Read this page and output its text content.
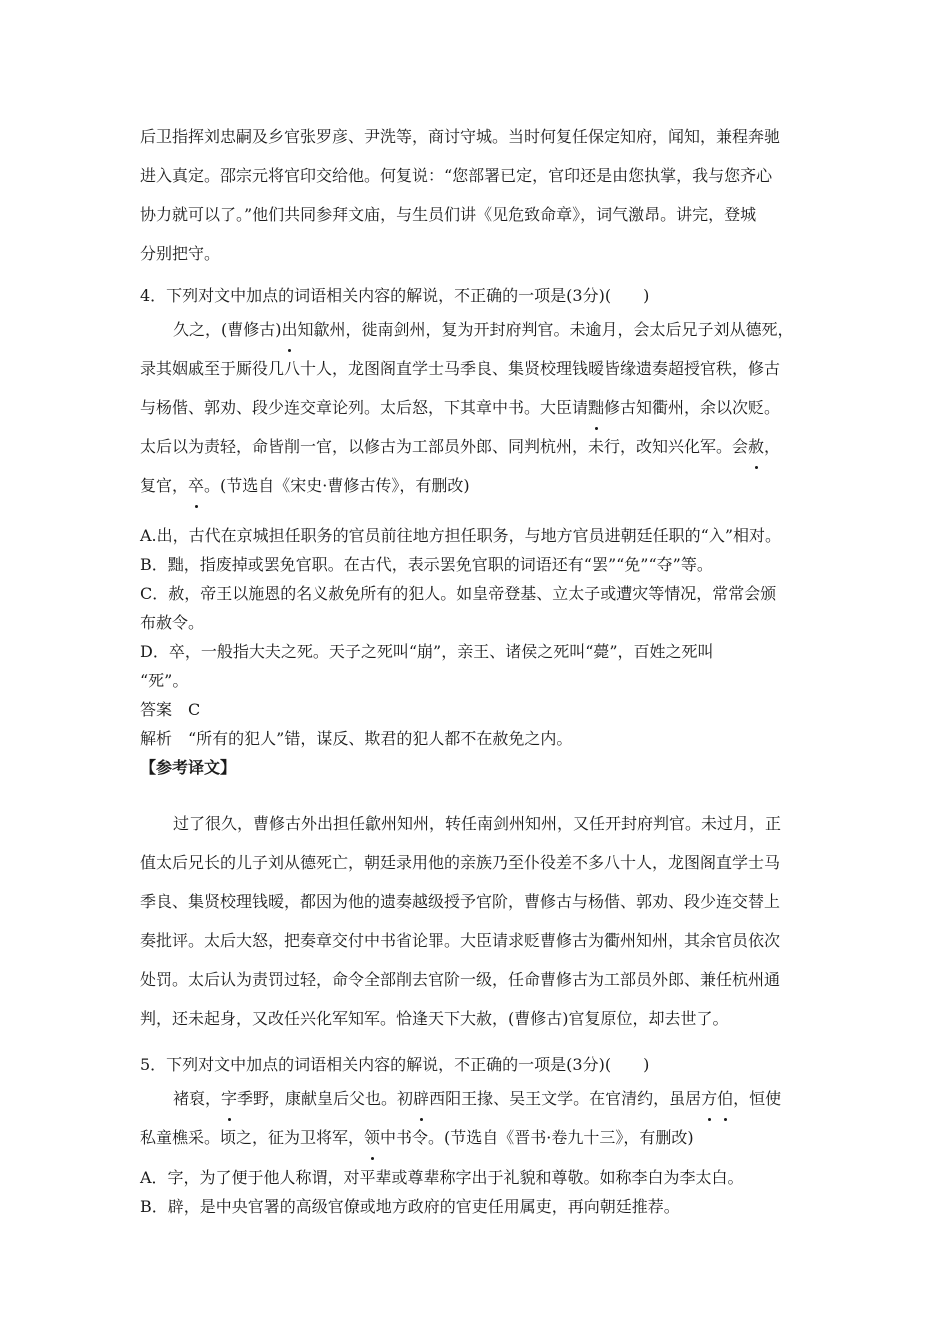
后卫指挥刘忠嗣及乡官张罗彦、尹洗等，商讨守城。当时何复任保定知府，闻知，兼程奔驰

进入真定。邵宗元将官印交给他。何复说：“您部署已定，官印还是由您执掌，我与您齐心

协力就可以了。”他们共同参拜文庙，与生员们讲《见危致命章》，词气激昂。讲完，登城

分别把守。

4．下列对文中加点的词语相关内容的解说，不正确的一项是(3分)(　　)

久之，(曹修古)出知歙州，徙南剑州，复为开封府判官。未逾月，会太后兄子刘从德死，

录其姻戚至于厮役几八十人，龙图阁直学士马季良、集贤校理钱暧皆缘遗奏超授官秩，修古

与杨偕、郭劝、段少连交章论列。太后怒，下其章中书。大臣请黜修古知衢州，余以次贬。

太后以为责轻，命皆削一官，以修古为工部员外郎、同判杭州，未行，改知兴化军。会赦，

复官，卒。(节选自《宋史·曹修古传》，有删改)

A.出，古代在京城担任职务的官员前往地方担任职务，与地方官员进朝廷任职的“入”相对。

B．黜，指废掉或罢免官职。在古代，表示罢免官职的词语还有“罢”“免”“夺”等。

C．赦，帝王以施恩的名义赦免所有的犯人。如皇帝登基、立太子或遭灾等情况，常常会颁

布赦令。

D．卒，一般指大夫之死。天子之死叫“崩”，亲王、诸侯之死叫“薨”，百姓之死叫

“死”。

答案　C

解析　“所有的犯人”错，谋反、欺君的犯人都不在赦免之内。

【参考译文】

过了很久，曹修古外出担任歙州知州，转任南剑州知州，又任开封府判官。未过月，正

值太后兄长的儿子刘从德死亡，朝廷录用他的亲族乃至仆役差不多八十人，龙图阁直学士马

季良、集贤校理钱暧，都因为他的遗奏越级授予官阶，曹修古与杨偕、郭劝、段少连交替上

奏批评。太后大怒，把奏章交付中书省论罪。大臣请求贬曹修古为衢州知州，其余官员依次

处罚。太后认为责罚过轻，命令全部削去官阶一级，任命曹修古为工部员外郎、兼任杭州通

判，还未起身，又改任兴化军知军。恰逢天下大赦，(曹修古)官复原位，却去世了。

5．下列对文中加点的词语相关内容的解说，不正确的一项是(3分)(　　)

褚裒，字季野，康献皇后父也。初辟西阳王掾、吴王文学。在官清约，虽居方伯，恒使

私童樵采。顷之，征为卫将军，领中书令。(节选自《晋书·卷九十三》，有删改)

A．字，为了便于他人称谓，对平辈或尊辈称字出于礼貌和尊敬。如称李白为李太白。

B．辟，是中央官署的高级官僚或地方政府的官吏任用属吏，再向朝廷推荐。
